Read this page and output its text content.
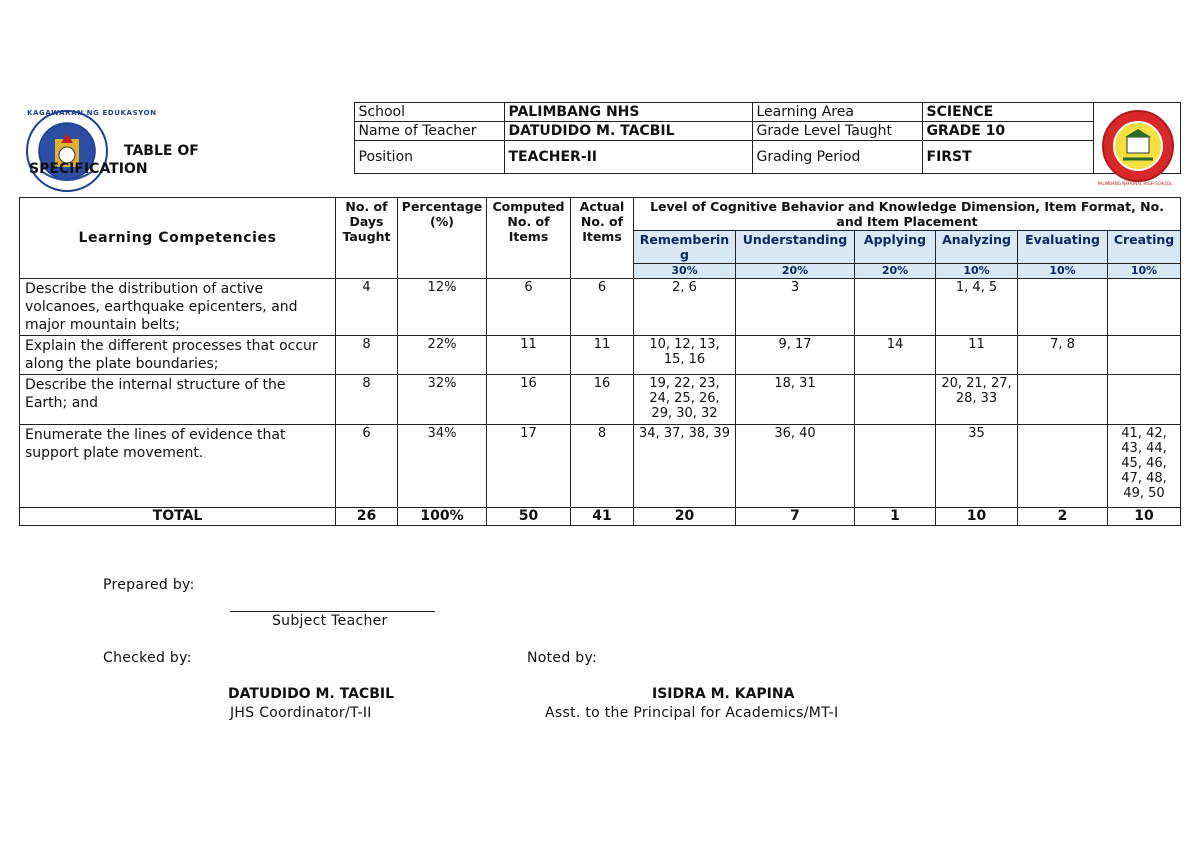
KAGAWARAN NG EDUKASYON
TABLE OF
SPECIFICATION	School	PALIMBANG NHS	Learning Area	SCIENCE	PALIMBANG NATIONAL HIGH SCHOOL

	Name of Teacher	DATUDIDO M. TACBIL	Grade Level Taught	GRADE 10	
	Position	TEACHER-II	Grading Period	FIRST	
Learning Competencies	No. of Days Taught	Percentage (%)	Computed No. of Items	Actual No. of Items	Level of Cognitive Behavior and Knowledge Dimension, Item Format, No. and Item Placement					
					Remembering	Understanding	Applying	Analyzing	Evaluating	Creating
					30%	20%	20%	10%	10%	10%
Describe the distribution of active volcanoes, earthquake epicenters, and major mountain belts;	4	12%	6	6	2, 6	3		1, 4, 5		
Explain the different processes that occur along the plate boundaries;	8	22%	11	11	10, 12, 13, 15, 16	9, 17	14	11	7, 8	
Describe the internal structure of the Earth; and	8	32%	16	16	19, 22, 23, 24, 25, 26, 29, 30, 32	18, 31		20, 21, 27, 28, 33		
Enumerate the lines of evidence that support plate movement.	6	34%	17	8	34, 37, 38, 39	36, 40		35		41, 42, 43, 44, 45, 46, 47, 48, 49, 50
TOTAL	26	100%	50	41	20	7	1	10	2	10
Prepared by:
Subject Teacher
Checked by:	Noted by:
DATUDIDO M. TACBIL
JHS Coordinator/T-II
ISIDRA M. KAPINA
Asst. to the Principal for Academics/MT-I
